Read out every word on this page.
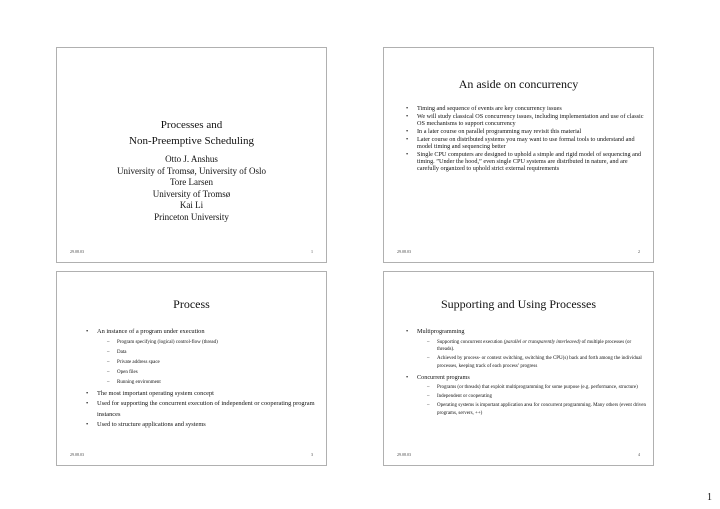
Processes and
Non-Preemptive Scheduling
Otto J. Anshus
University of Tromsø, University of Oslo
Tore Larsen
University of Tromsø
Kai Li
Princeton University
29.08.03	1
An aside on concurrency
• Timing and sequence of events are key concurrency issues
• We will study classical OS concurrency issues, including implementation and use of classic OS mechanisms to support concurrency
• In a later course on parallel programming may revisit this material
• Later course on distributed systems you may want to use formal tools to understand and model timing and sequencing better
• Single CPU computers are designed to uphold a simple and rigid model of sequencing and timing. ”Under the hood,” even single CPU systems are distributed in nature, and are carefully organized to uphold strict external requirements
29.08.03	2
Process
• An instance of a program under execution
– Program specifying (logical) control-flow (thread)
– Data
– Private address space
– Open files
– Running environment
• The most important operating system concept
• Used for supporting the concurrent execution of independent or cooperating program instances
• Used to structure applications and systems
29.08.03	3
Supporting and Using Processes
• Multiprogramming
– Supporting concurrent execution (parallel or transparently interleaved) of multiple processes (or threads).
– Achieved by process- or context switching, switching the CPU(s) back and forth among the individual processes, keeping track of each process’ progress
• Concurrent programs
– Programs (or threads) that exploit multiprogramming for some purpose (e.g. performance, structure)
– Independent or cooperating
– Operating systems is important application area for concurrent programming. Many others (event driven programs, servers, ++)
29.08.03	4
1
